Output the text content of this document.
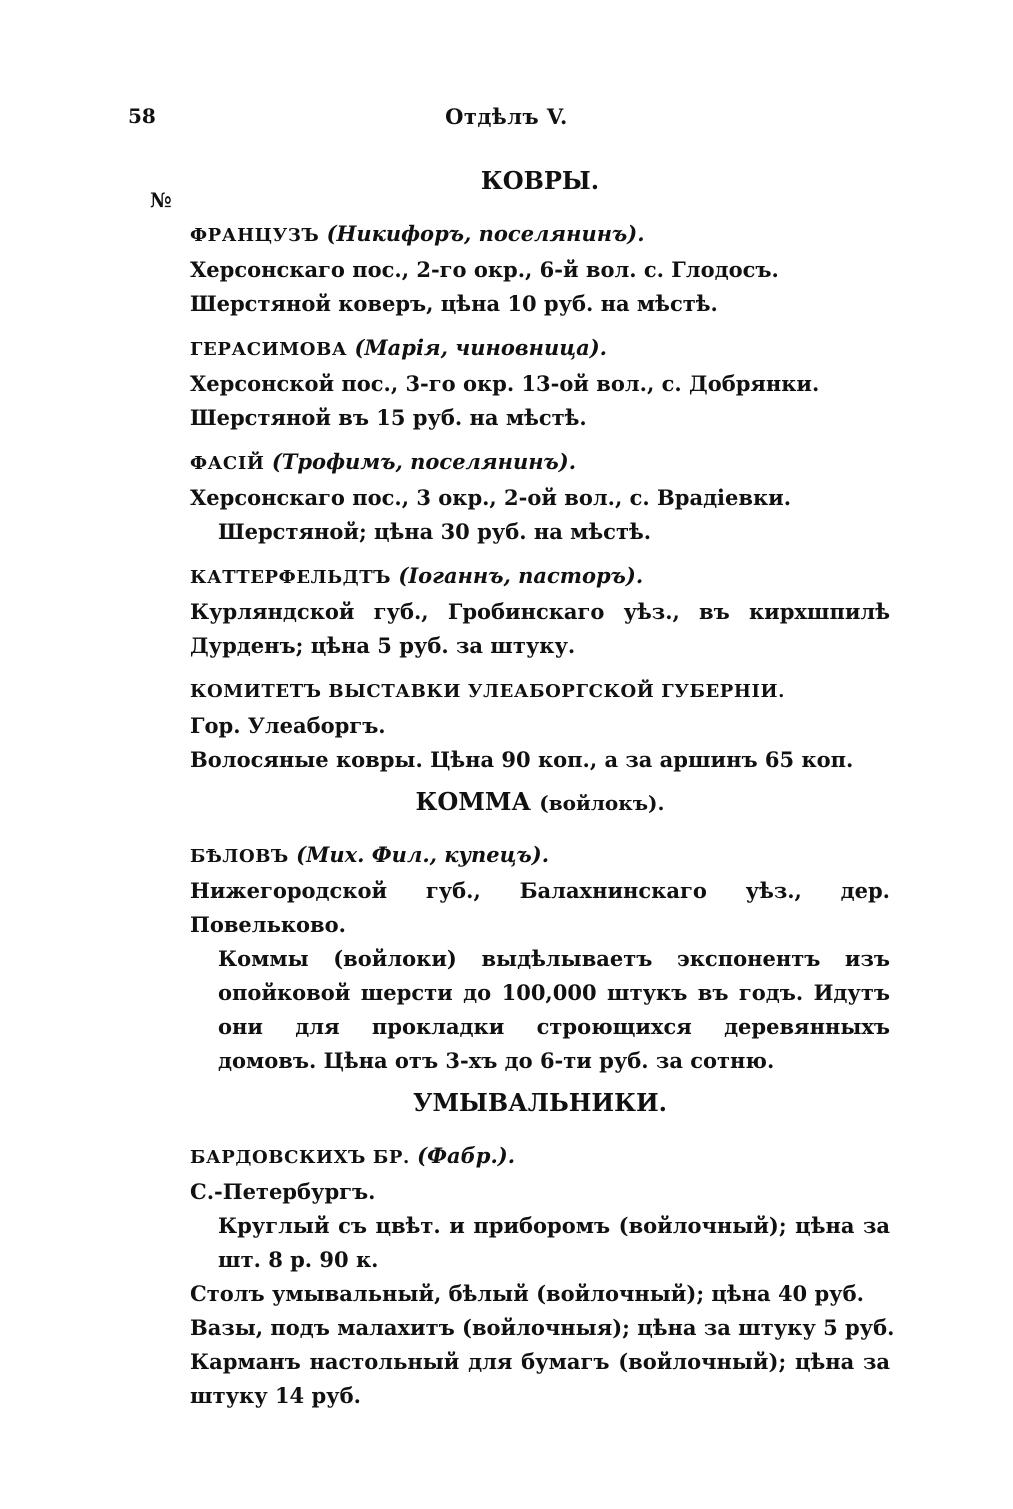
58	Отдѣлъ V.
№
КОВРЫ.
ФРАНЦУЗЪ (Никифоръ, поселянинъ).
Херсонскаго пос., 2-го окр., 6-й вол. с. Глодосъ.
Шерстяной коверъ, цѣна 10 руб. на мѣстѣ.
ГЕРАСИМОВА (Марія, чиновница).
Херсонской пос., 3-го окр. 13-ой вол., с. Добрянки.
Шерстяной въ 15 руб. на мѣстѣ.
ФАСІЙ (Трофимъ, поселянинъ).
Херсонскаго пос., 3 окр., 2-ой вол., с. Врадіевки.
Шерстяной; цѣна 30 руб. на мѣстѣ.
КАТТЕРФЕЛЬДТЪ (Іоганнъ, пасторъ).
Курляндской губ., Гробинскаго уѣз., въ кирхшпилѣ Дурденъ; цѣна 5 руб. за штуку.
КОМИТЕТЪ ВЫСТАВКИ УЛЕАБОРГСКОЙ ГУБЕРНІИ.
Гор. Улеаборгъ.
Волосяные ковры. Цѣна 90 коп., а за аршинъ 65 коп.
КОММА (войлокъ).
БѢЛОВЪ (Мих. Фил., купецъ).
Нижегородской губ., Балахнинскаго уѣз., дер. Повельково.
Коммы (войлоки) выдѣлываетъ экспонентъ изъ опойковой шерсти до 100,000 штукъ въ годъ. Идутъ они для прокладки строющихся деревянныхъ домовъ. Цѣна отъ 3-хъ до 6-ти руб. за сотню.
УМЫВАЛЬНИКИ.
БАРДОВСКИХЪ БР. (Фабр.).
С.-Петербургъ.
Круглый съ цвѣт. и приборомъ (войлочный); цѣна за шт. 8 р. 90 к.
Столъ умывальный, бѣлый (войлочный); цѣна 40 руб.
Вазы, подъ малахитъ (войлочныя); цѣна за штуку 5 руб.
Карманъ настольный для бумагъ (войлочный); цѣна за штуку 14 руб.
